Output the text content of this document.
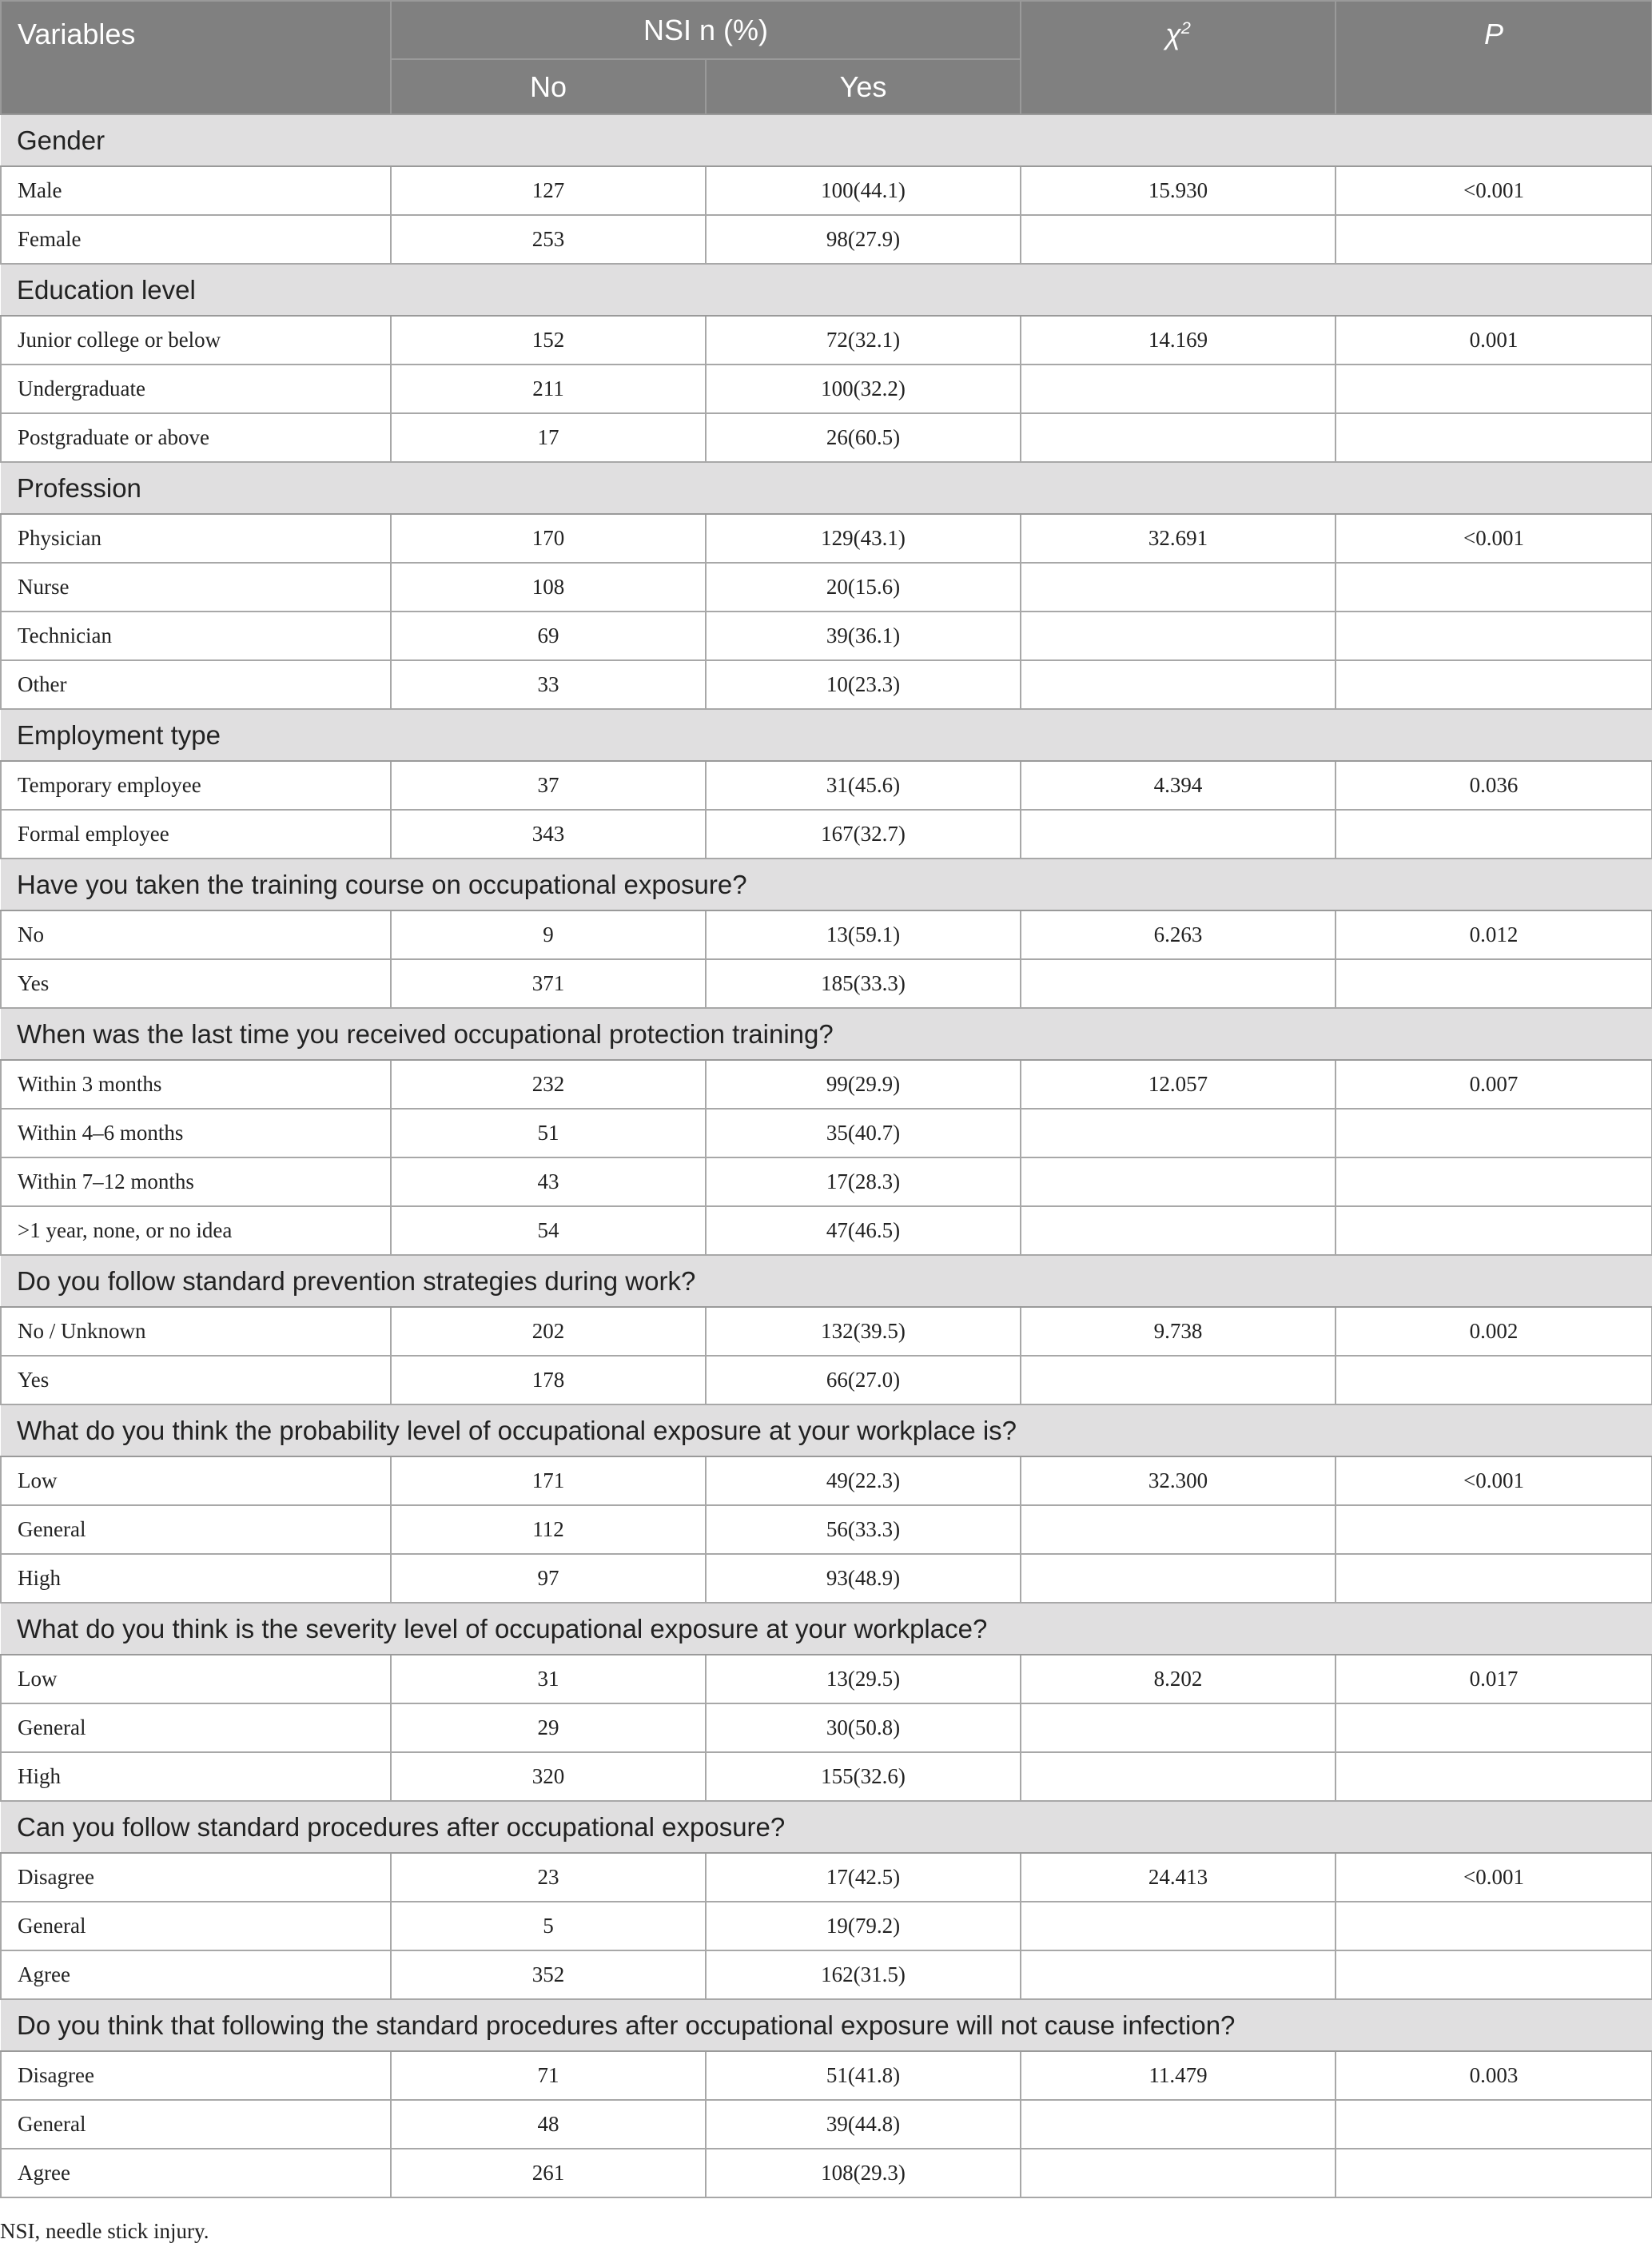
Variables	NSI n (%)		$\chi^2$	P
	No	Yes		
Gender				
Male	127	100(44.1)	15.930	<0.001
Female	253	98(27.9)		
Education level				
Junior college or below	152	72(32.1)	14.169	0.001
Undergraduate	211	100(32.2)		
Postgraduate or above	17	26(60.5)		
Profession				
Physician	170	129(43.1)	32.691	<0.001
Nurse	108	20(15.6)		
Technician	69	39(36.1)		
Other	33	10(23.3)		
Employment type				
Temporary employee	37	31(45.6)	4.394	0.036
Formal employee	343	167(32.7)		
Have you taken the training course on occupational exposure?				
No	9	13(59.1)	6.263	0.012
Yes	371	185(33.3)		
When was the last time you received occupational protection training?				
Within 3 months	232	99(29.9)	12.057	0.007
Within 4–6 months	51	35(40.7)		
Within 7–12 months	43	17(28.3)		
>1 year, none, or no idea	54	47(46.5)		
Do you follow standard prevention strategies during work?				
No / Unknown	202	132(39.5)	9.738	0.002
Yes	178	66(27.0)		
What do you think the probability level of occupational exposure at your workplace is?				
Low	171	49(22.3)	32.300	<0.001
General	112	56(33.3)		
High	97	93(48.9)		
What do you think is the severity level of occupational exposure at your workplace?				
Low	31	13(29.5)	8.202	0.017
General	29	30(50.8)		
High	320	155(32.6)		
Can you follow standard procedures after occupational exposure?				
Disagree	23	17(42.5)	24.413	<0.001
General	5	19(79.2)		
Agree	352	162(31.5)		
Do you think that following the standard procedures after occupational exposure will not cause infection?				
Disagree	71	51(41.8)	11.479	0.003
General	48	39(44.8)		
Agree	261	108(29.3)		
NSI, needle stick injury.
